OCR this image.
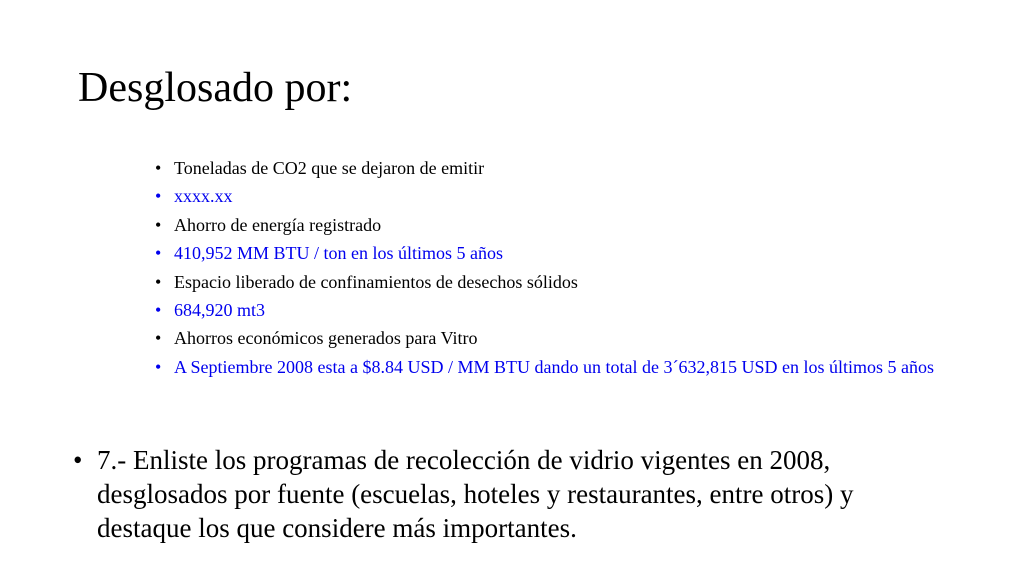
Desglosado por:
• Toneladas de CO2 que se dejaron de emitir
• xxxx.xx
• Ahorro de energía registrado
• 410,952 MM BTU / ton en los últimos 5 años
• Espacio liberado de confinamientos de desechos sólidos
• 684,920 mt3
• Ahorros económicos generados para Vitro
• A Septiembre 2008 esta a $8.84 USD / MM BTU dando un total de 3´632,815 USD en los últimos 5 años
• 7.- Enliste los programas de recolección de vidrio vigentes en 2008, desglosados por fuente (escuelas, hoteles y restaurantes, entre otros) y destaque los que considere más importantes.
